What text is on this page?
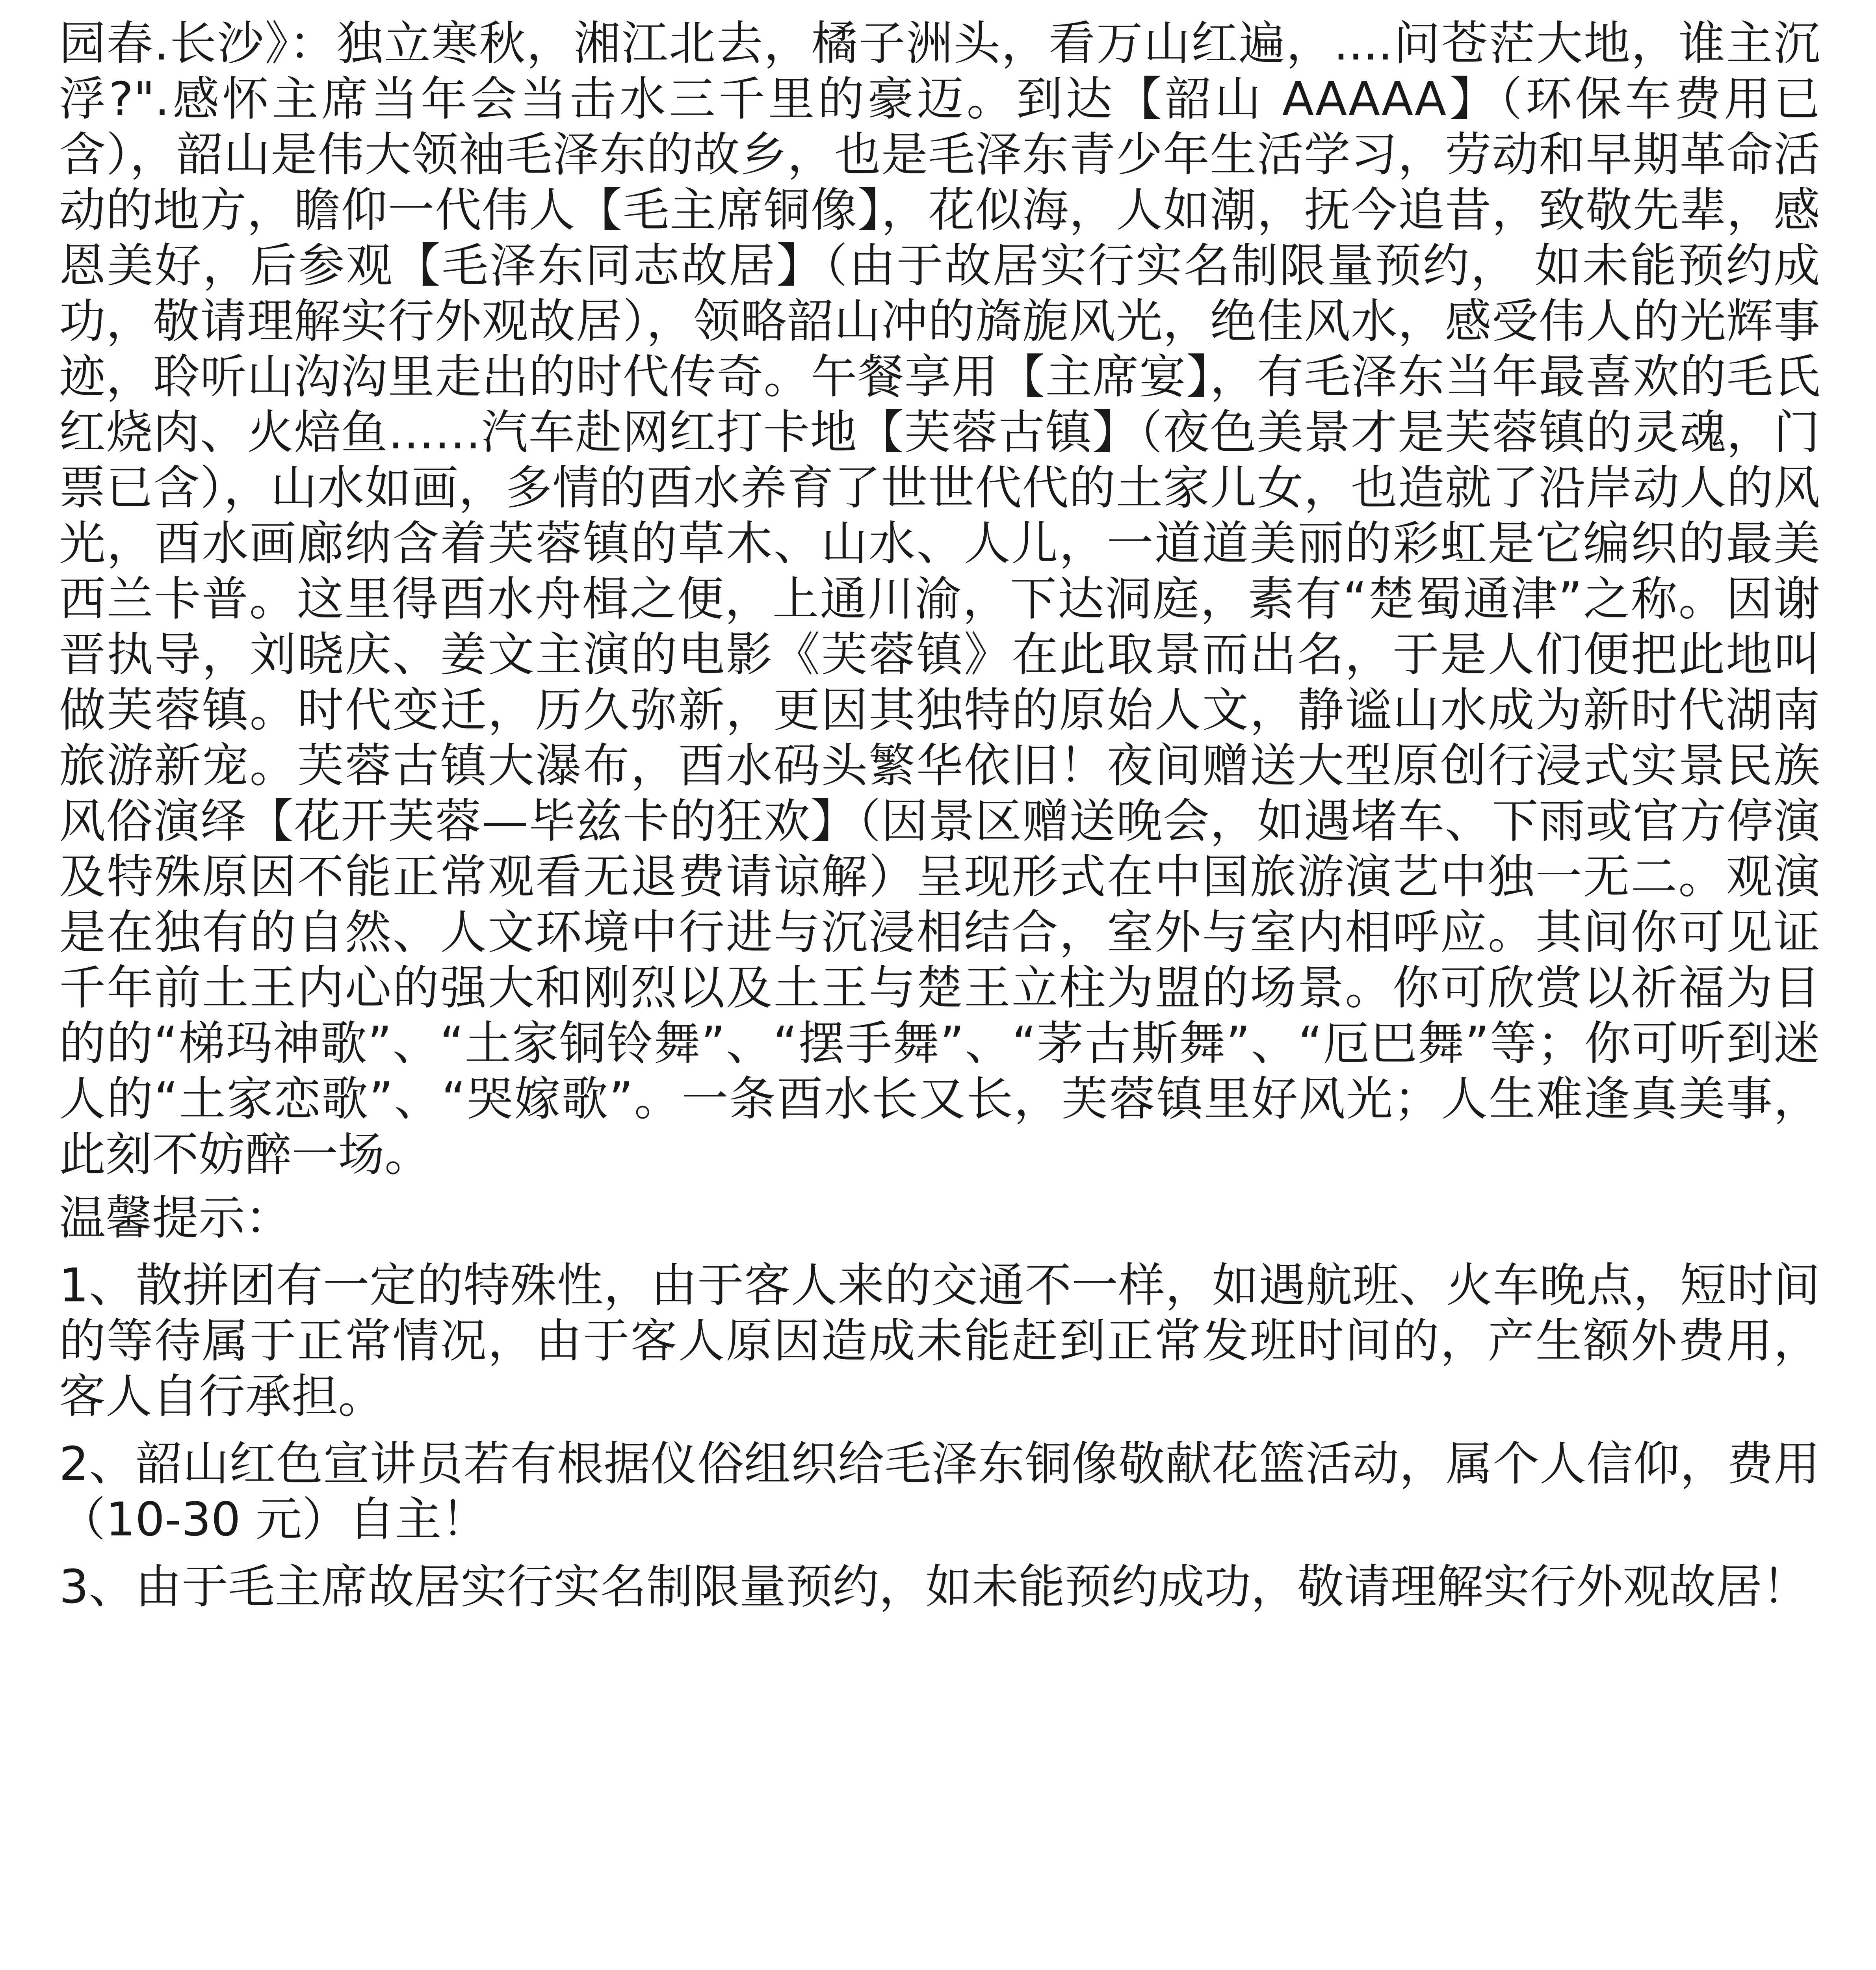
园春.长沙》：独立寒秋，湘江北去，橘子洲头，看万山红遍，....问苍茫大地，谁主沉浮?".感怀主席当年会当击水三千里的豪迈。到达【韶山 AAAAA】（环保车费用已含），韶山是伟大领袖毛泽东的故乡，也是毛泽东青少年生活学习，劳动和早期革命活动的地方，瞻仰一代伟人【毛主席铜像】，花似海，人如潮，抚今追昔，致敬先辈，感恩美好，后参观【毛泽东同志故居】（由于故居实行实名制限量预约， 如未能预约成功，敬请理解实行外观故居），领略韶山冲的旖旎风光，绝佳风水，感受伟人的光辉事迹，聆听山沟沟里走出的时代传奇。午餐享用【主席宴】，有毛泽东当年最喜欢的毛氏红烧肉、火焙鱼……汽车赴网红打卡地【芙蓉古镇】（夜色美景才是芙蓉镇的灵魂，门票已含），山水如画，多情的酉水养育了世世代代的土家儿女，也造就了沿岸动人的风光，酉水画廊纳含着芙蓉镇的草木、山水、人儿，一道道美丽的彩虹是它编织的最美西兰卡普。这里得酉水舟楫之便，上通川渝，下达洞庭，素有“楚蜀通津”之称。因谢晋执导，刘晓庆、姜文主演的电影《芙蓉镇》在此取景而出名，于是人们便把此地叫做芙蓉镇。时代变迁，历久弥新，更因其独特的原始人文，静谧山水成为新时代湖南旅游新宠。芙蓉古镇大瀑布，酉水码头繁华依旧！夜间赠送大型原创行浸式实景民族风俗演绎【花开芙蓉—毕兹卡的狂欢】（因景区赠送晚会，如遇堵车、下雨或官方停演及特殊原因不能正常观看无退费请谅解）呈现形式在中国旅游演艺中独一无二。观演是在独有的自然、人文环境中行进与沉浸相结合，室外与室内相呼应。其间你可见证千年前土王内心的强大和刚烈以及土王与楚王立柱为盟的场景。你可欣赏以祈福为目的的“梯玛神歌”、“土家铜铃舞”、“摆手舞”、“茅古斯舞”、“厄巴舞”等；你可听到迷人的“土家恋歌”、“哭嫁歌”。一条酉水长又长，芙蓉镇里好风光；人生难逢真美事，此刻不妨醉一场。

温馨提示：

1、散拼团有一定的特殊性，由于客人来的交通不一样，如遇航班、火车晚点，短时间的等待属于正常情况，由于客人原因造成未能赶到正常发班时间的，产生额外费用，客人自行承担。

2、韶山红色宣讲员若有根据仪俗组织给毛泽东铜像敬献花篮活动，属个人信仰，费用（10-30 元）自主！

3、由于毛主席故居实行实名制限量预约，如未能预约成功，敬请理解实行外观故居！
